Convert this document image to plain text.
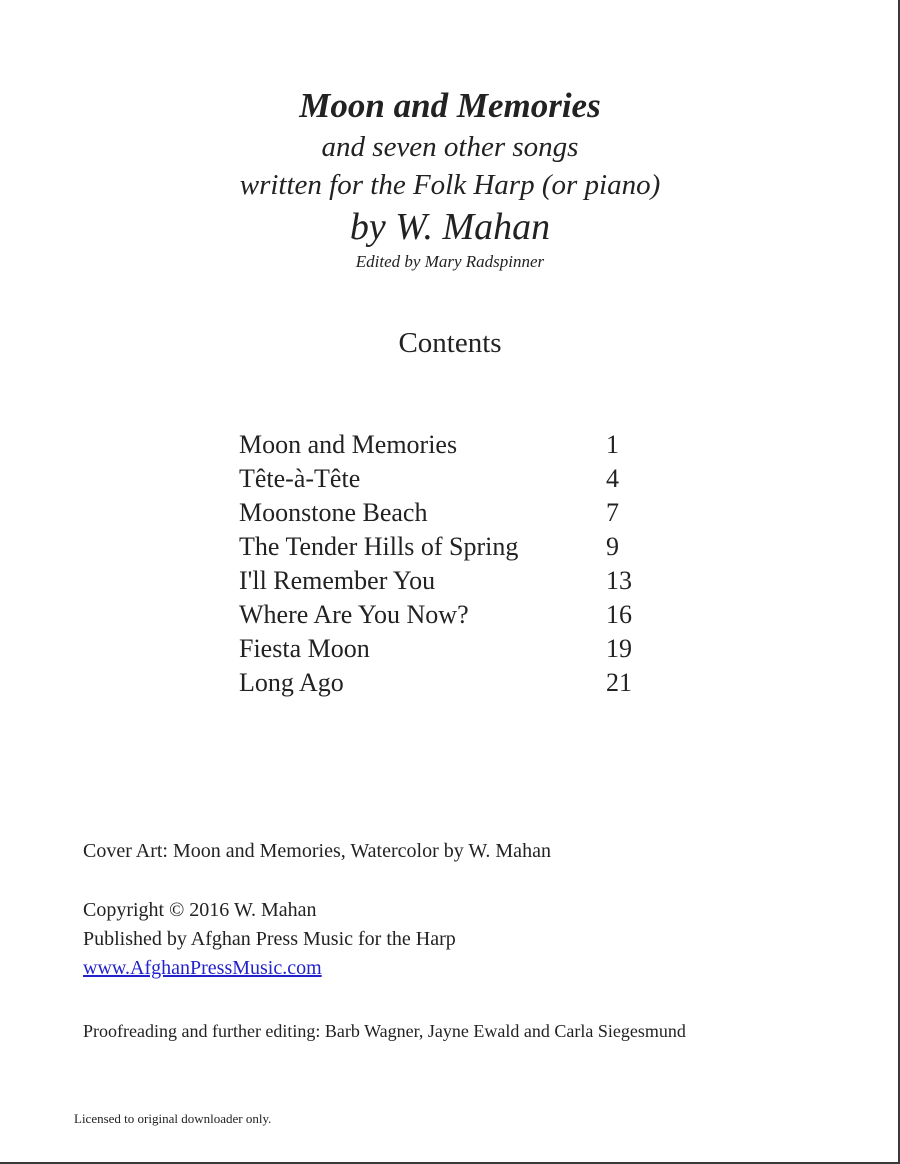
Moon and Memories

and seven other songs

written for the Folk Harp (or piano)

by W. Mahan

Edited by Mary Radspinner

Contents
Moon and Memories	1
Tête-à-Tête	4
Moonstone Beach	7
The Tender Hills of Spring	9
I'll Remember You	13
Where Are You Now?	16
Fiesta Moon	19
Long Ago	21
Cover Art: Moon and Memories, Watercolor by W. Mahan
Copyright © 2016 W. Mahan
Published by Afghan Press Music for the Harp
www.AfghanPressMusic.com
Proofreading and further editing: Barb Wagner, Jayne Ewald and Carla Siegesmund
Licensed to original downloader only.
